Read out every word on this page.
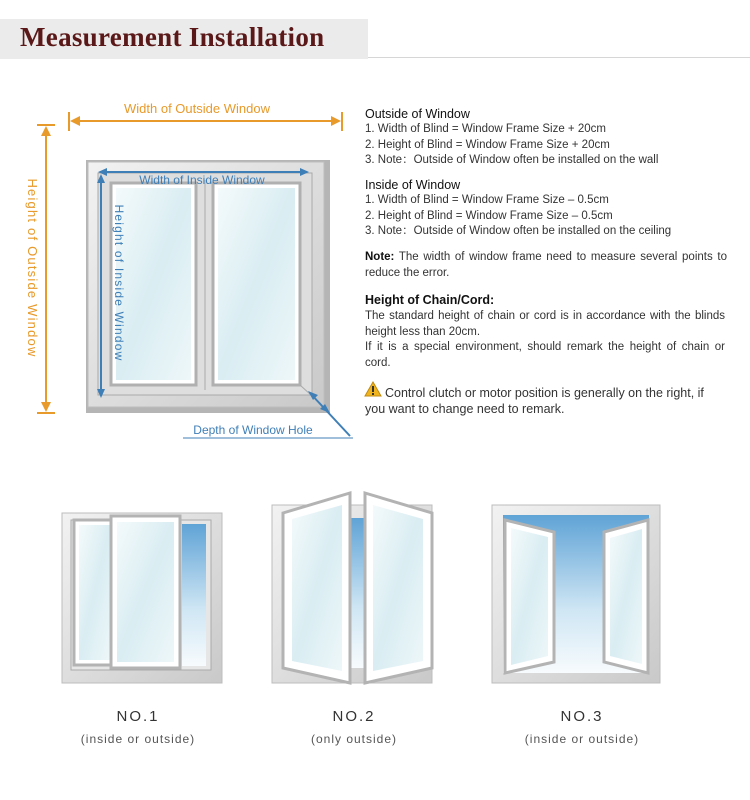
Measurement Installation
Width of Outside Window
Height of Outside Window	Width of Inside Window
Height of Inside Window
Depth of Window Hole
Outside of Window
1. Width of Blind = Window Frame Size + 20cm
2. Height of Blind = Window Frame Size + 20cm
3. Note：Outside of Window often be installed on the wall
Inside of Window
1. Width of Blind = Window Frame Size – 0.5cm
2. Height of Blind = Window Frame Size – 0.5cm
3. Note：Outside of Window often be installed on the ceiling
Note: The width of window frame need to measure several points to reduce the error.
Height of Chain/Cord:
The standard height of chain or cord is in accordance with the blinds height less than 20cm.
If it is a special environment, should remark the height of chain or cord.
Control clutch or motor position is generally on the right, if you want to change need to remark.
NO.1
(inside or outside)
NO.2
(only outside)
NO.3
(inside or outside)
